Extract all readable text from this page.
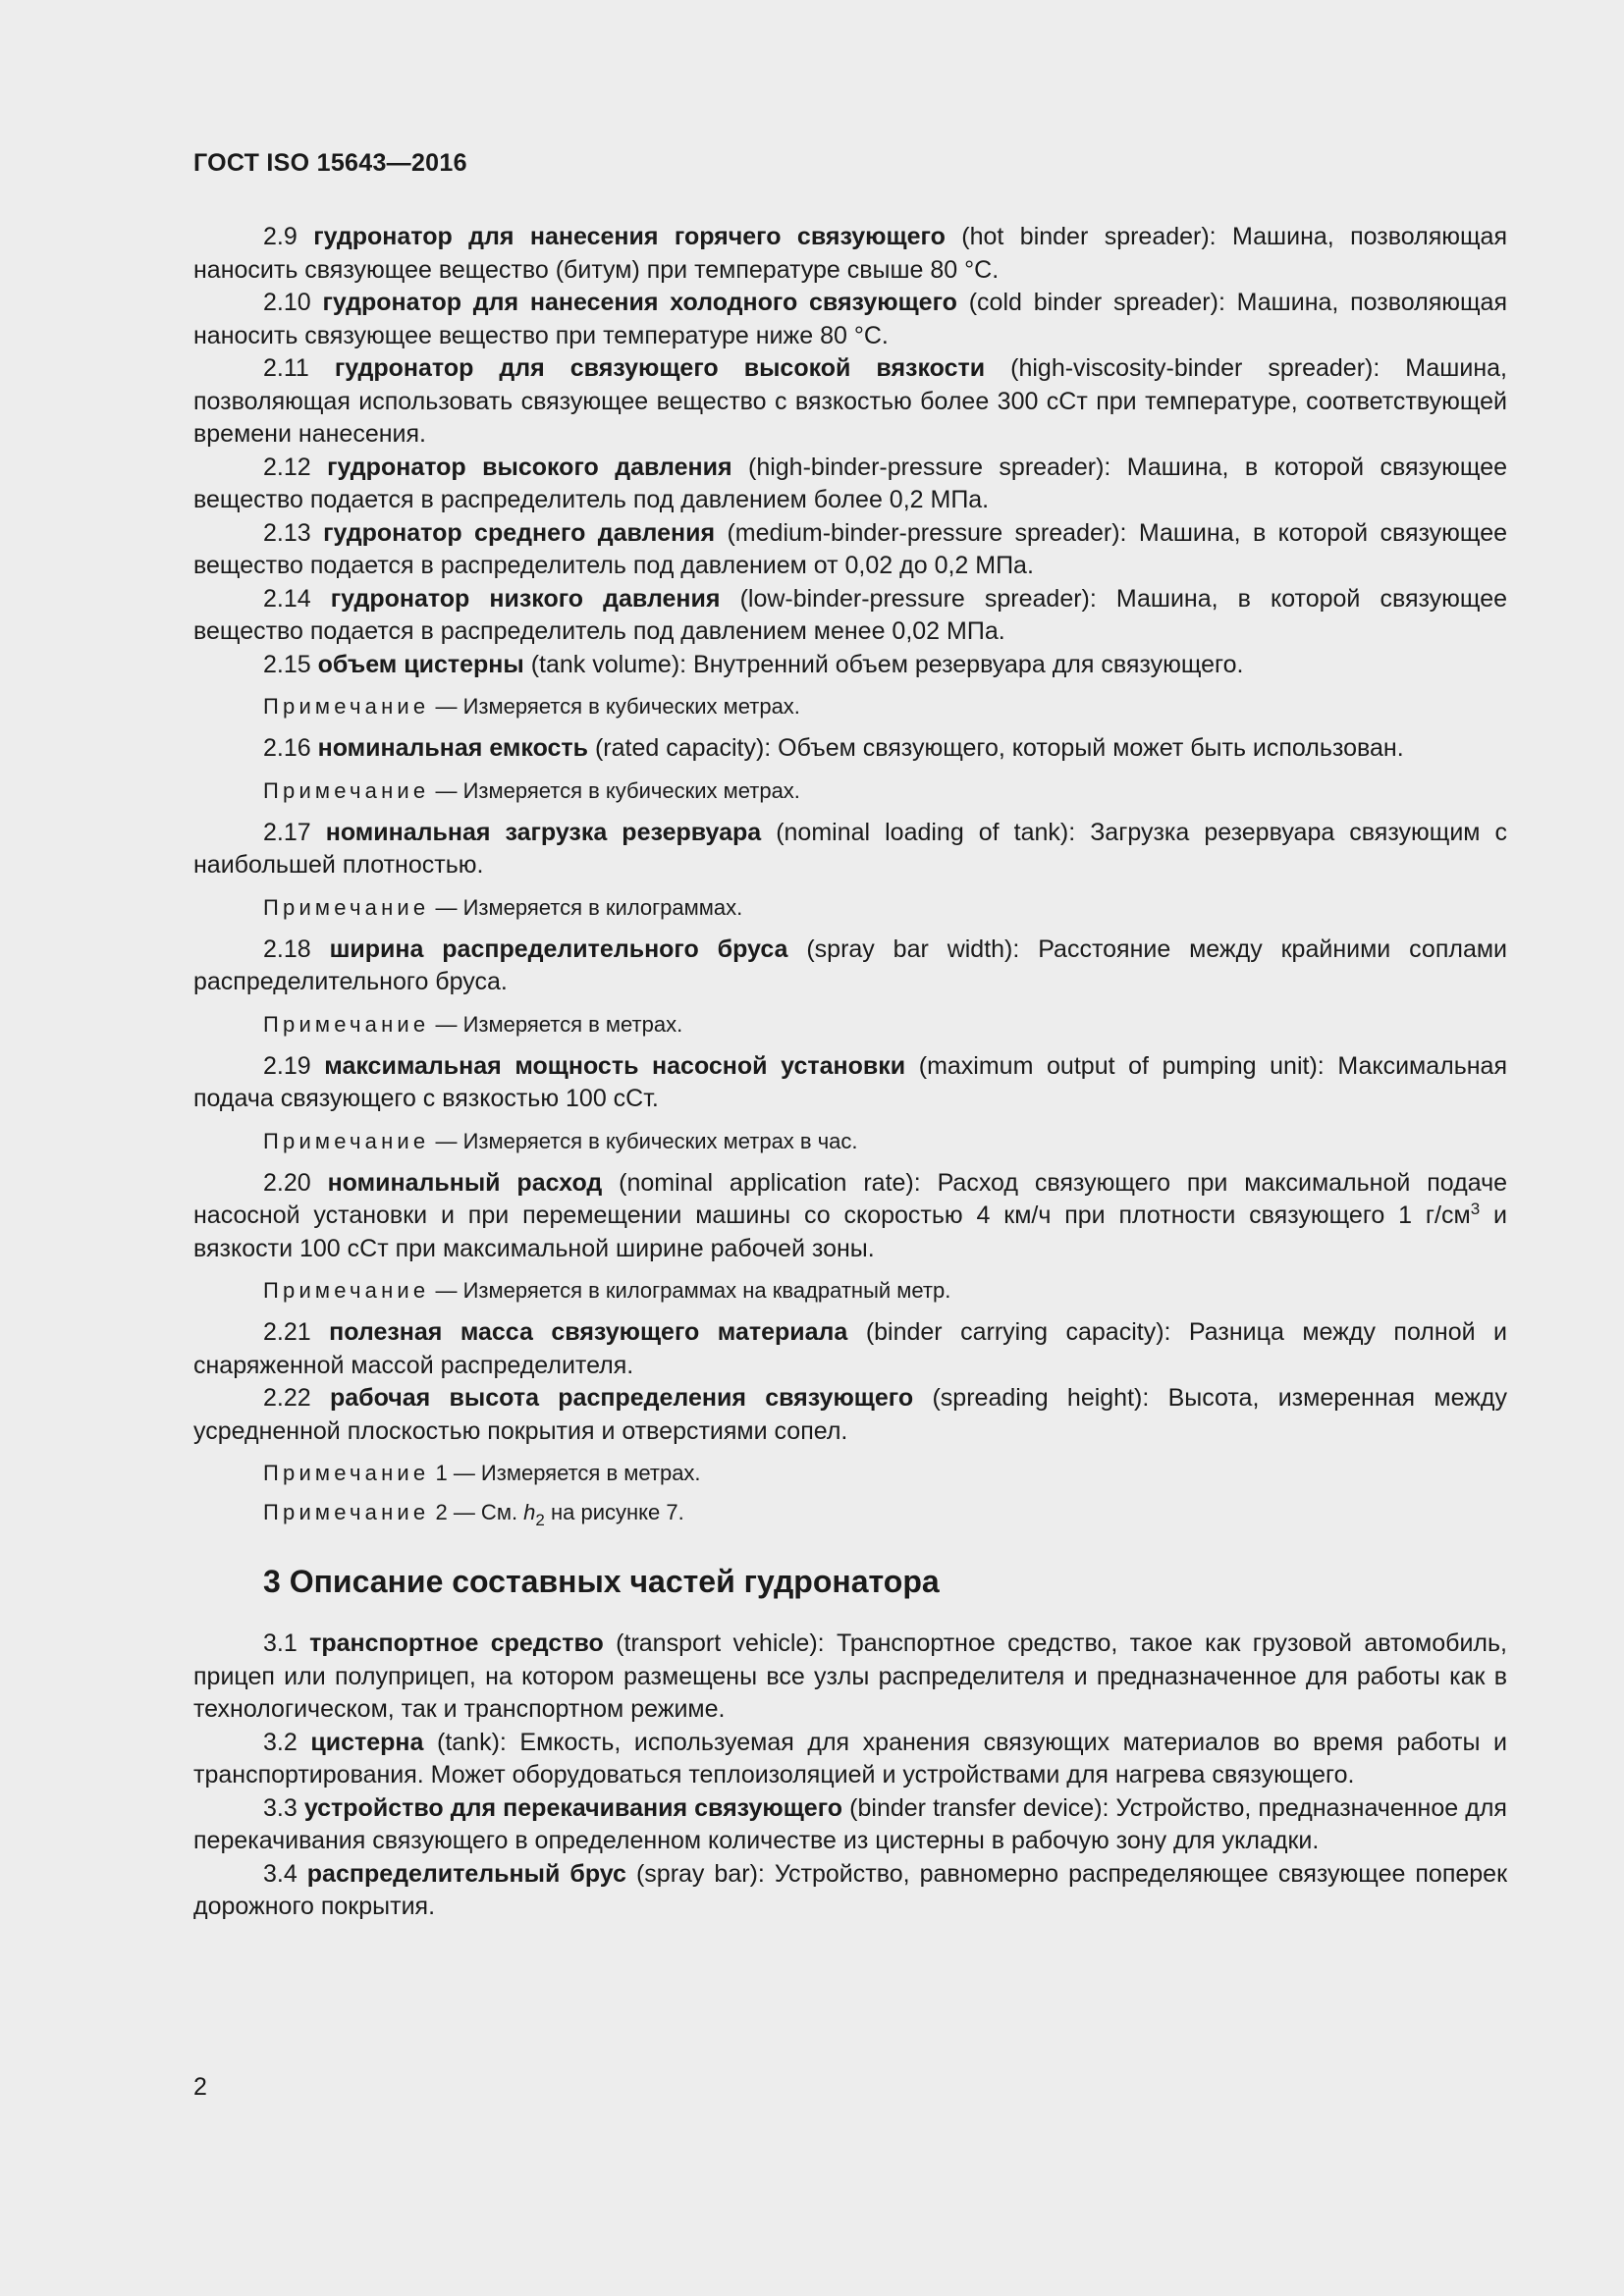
ГОСТ ISO 15643—2016

2.9 гудронатор для нанесения горячего связующего (hot binder spreader): Машина, позволяющая наносить связующее вещество (битум) при температуре свыше 80 °С.

2.10 гудронатор для нанесения холодного связующего (cold binder spreader): Машина, позволяющая наносить связующее вещество при температуре ниже 80 °С.

2.11 гудронатор для связующего высокой вязкости (high-viscosity-binder spreader): Машина, позволяющая использовать связующее вещество с вязкостью более 300 сСт при температуре, соответствующей времени нанесения.

2.12 гудронатор высокого давления (high-binder-pressure spreader): Машина, в которой связующее вещество подается в распределитель под давлением более 0,2 МПа.

2.13 гудронатор среднего давления (medium-binder-pressure spreader): Машина, в которой связующее вещество подается в распределитель под давлением от 0,02 до 0,2 МПа.

2.14 гудронатор низкого давления (low-binder-pressure spreader): Машина, в которой связующее вещество подается в распределитель под давлением менее 0,02 МПа.

2.15 объем цистерны (tank volume): Внутренний объем резервуара для связующего.

Примечание — Измеряется в кубических метрах.

2.16 номинальная емкость (rated capacity): Объем связующего, который может быть использован.

Примечание — Измеряется в кубических метрах.

2.17 номинальная загрузка резервуара (nominal loading of tank): Загрузка резервуара связующим с наибольшей плотностью.

Примечание — Измеряется в килограммах.

2.18 ширина распределительного бруса (spray bar width): Расстояние между крайними соплами распределительного бруса.

Примечание — Измеряется в метрах.

2.19 максимальная мощность насосной установки (maximum output of pumping unit): Максимальная подача связующего с вязкостью 100 сСт.

Примечание — Измеряется в кубических метрах в час.

2.20 номинальный расход (nominal application rate): Расход связующего при максимальной подаче насосной установки и при перемещении машины со скоростью 4 км/ч при плотности связующего 1 $г/см^3$ и вязкости 100 сСт при максимальной ширине рабочей зоны.

Примечание — Измеряется в килограммах на квадратный метр.

2.21 полезная масса связующего материала (binder carrying capacity): Разница между полной и снаряженной массой распределителя.

2.22 рабочая высота распределения связующего (spreading height): Высота, измеренная между усредненной плоскостью покрытия и отверстиями сопел.

Примечание 1 — Измеряется в метрах.
Примечание 2 — См. $h_2$ на рисунке 7.
3 Описание составных частей гудронатора

3.1 транспортное средство (transport vehicle): Транспортное средство, такое как грузовой автомобиль, прицеп или полуприцеп, на котором размещены все узлы распределителя и предназначенное для работы как в технологическом, так и транспортном режиме.

3.2 цистерна (tank): Емкость, используемая для хранения связующих материалов во время работы и транспортирования. Может оборудоваться теплоизоляцией и устройствами для нагрева связующего.

3.3 устройство для перекачивания связующего (binder transfer device): Устройство, предназначенное для перекачивания связующего в определенном количестве из цистерны в рабочую зону для укладки.

3.4 распределительный брус (spray bar): Устройство, равномерно распределяющее связующее поперек дорожного покрытия.

2
